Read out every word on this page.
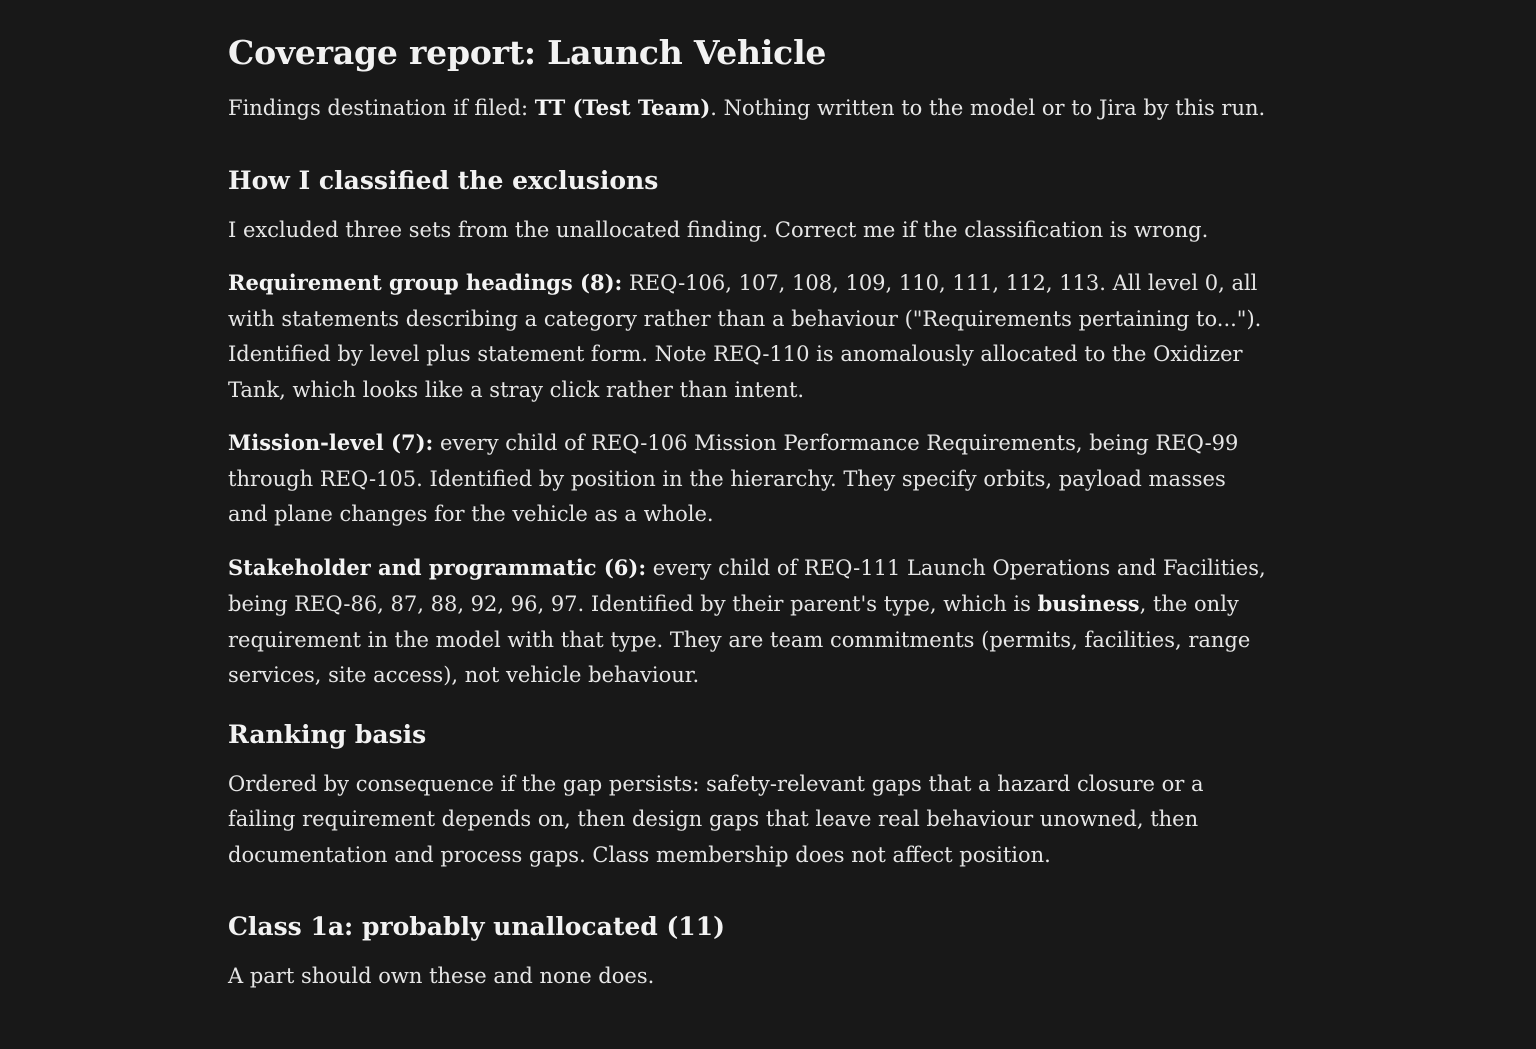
Coverage report: Launch Vehicle

Findings destination if filed: TT (Test Team). Nothing written to the model or to Jira by this run.

How I classified the exclusions

I excluded three sets from the unallocated finding. Correct me if the classification is wrong.

Requirement group headings (8): REQ-106, 107, 108, 109, 110, 111, 112, 113. All level 0, all with statements describing a category rather than a behaviour ("Requirements pertaining to..."). Identified by level plus statement form. Note REQ-110 is anomalously allocated to the Oxidizer Tank, which looks like a stray click rather than intent.

Mission-level (7): every child of REQ-106 Mission Performance Requirements, being REQ-99 through REQ-105. Identified by position in the hierarchy. They specify orbits, payload masses and plane changes for the vehicle as a whole.

Stakeholder and programmatic (6): every child of REQ-111 Launch Operations and Facilities, being REQ-86, 87, 88, 92, 96, 97. Identified by their parent's type, which is business, the only requirement in the model with that type. They are team commitments (permits, facilities, range services, site access), not vehicle behaviour.

Ranking basis

Ordered by consequence if the gap persists: safety-relevant gaps that a hazard closure or a failing requirement depends on, then design gaps that leave real behaviour unowned, then documentation and process gaps. Class membership does not affect position.

Class 1a: probably unallocated (11)

A part should own these and none does.
